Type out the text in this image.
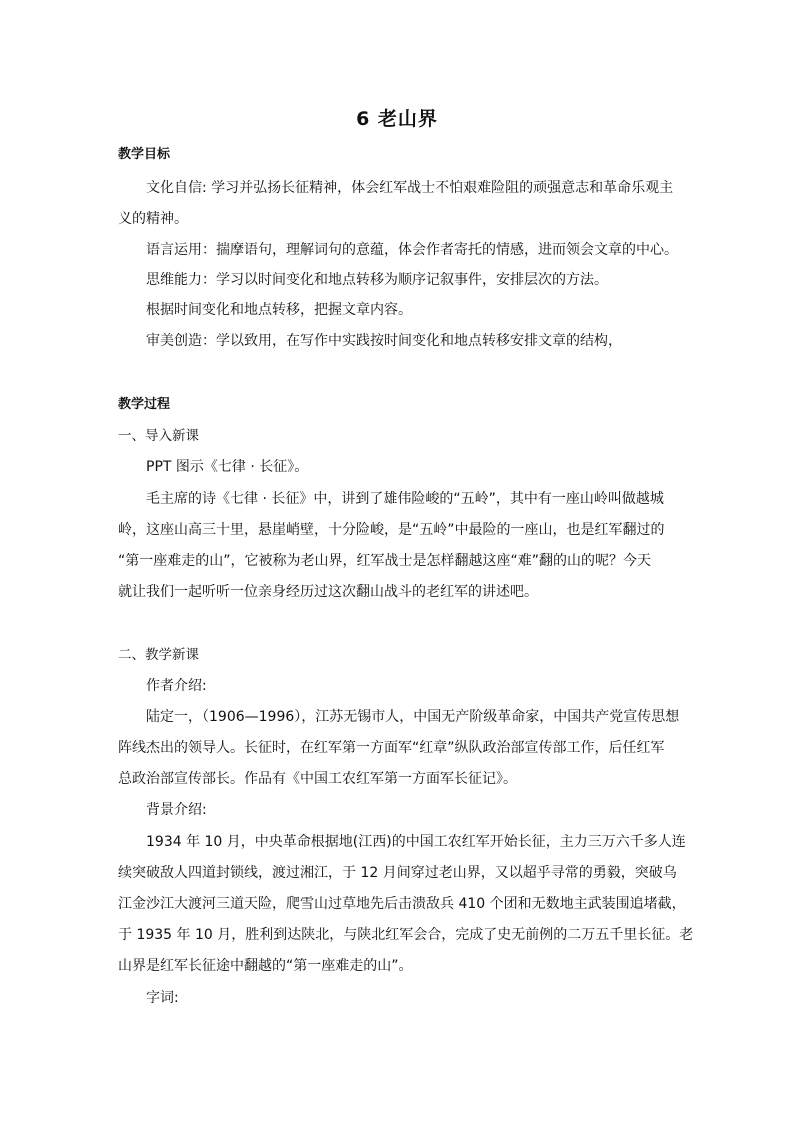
6 老山界
教学目标
文化自信: 学习并弘扬长征精神，体会红军战士不怕艰难险阻的顽强意志和革命乐观主
义的精神。
语言运用：揣摩语句，理解词句的意蕴，体会作者寄托的情感，进而领会文章的中心。
思维能力：学习以时间变化和地点转移为顺序记叙事件，安排层次的方法。
根据时间变化和地点转移，把握文章内容。
审美创造：学以致用，在写作中实践按时间变化和地点转移安排文章的结构，
教学过程
一、导入新课
PPT 图示《七律 · 长征》。
毛主席的诗《七律 · 长征》中，讲到了雄伟险峻的“五岭”，其中有一座山岭叫做越城
岭，这座山高三十里，悬崖峭壁，十分险峻，是“五岭”中最险的一座山，也是红军翻过的
“第一座难走的山”，它被称为老山界，红军战士是怎样翻越这座“难”翻的山的呢？今天
就让我们一起听听一位亲身经历过这次翻山战斗的老红军的讲述吧。
二、教学新课
作者介绍:
陆定一，（1906—1996），江苏无锡市人，中国无产阶级革命家，中国共产党宣传思想
阵线杰出的领导人。长征时，在红军第一方面军“红章”纵队政治部宣传部工作，后任红军
总政治部宣传部长。作品有《中国工农红军第一方面军长征记》。
背景介绍:
1934 年 10 月，中央革命根据地(江西)的中国工农红军开始长征，主力三万六千多人连
续突破敌人四道封锁线，渡过湘江，于 12 月间穿过老山界，又以超乎寻常的勇毅，突破乌
江金沙江大渡河三道天险，爬雪山过草地先后击溃敌兵 410 个团和无数地主武装围追堵截，
于 1935 年 10 月，胜利到达陕北，与陕北红军会合，完成了史无前例的二万五千里长征。老
山界是红军长征途中翻越的“第一座难走的山”。
字词:
